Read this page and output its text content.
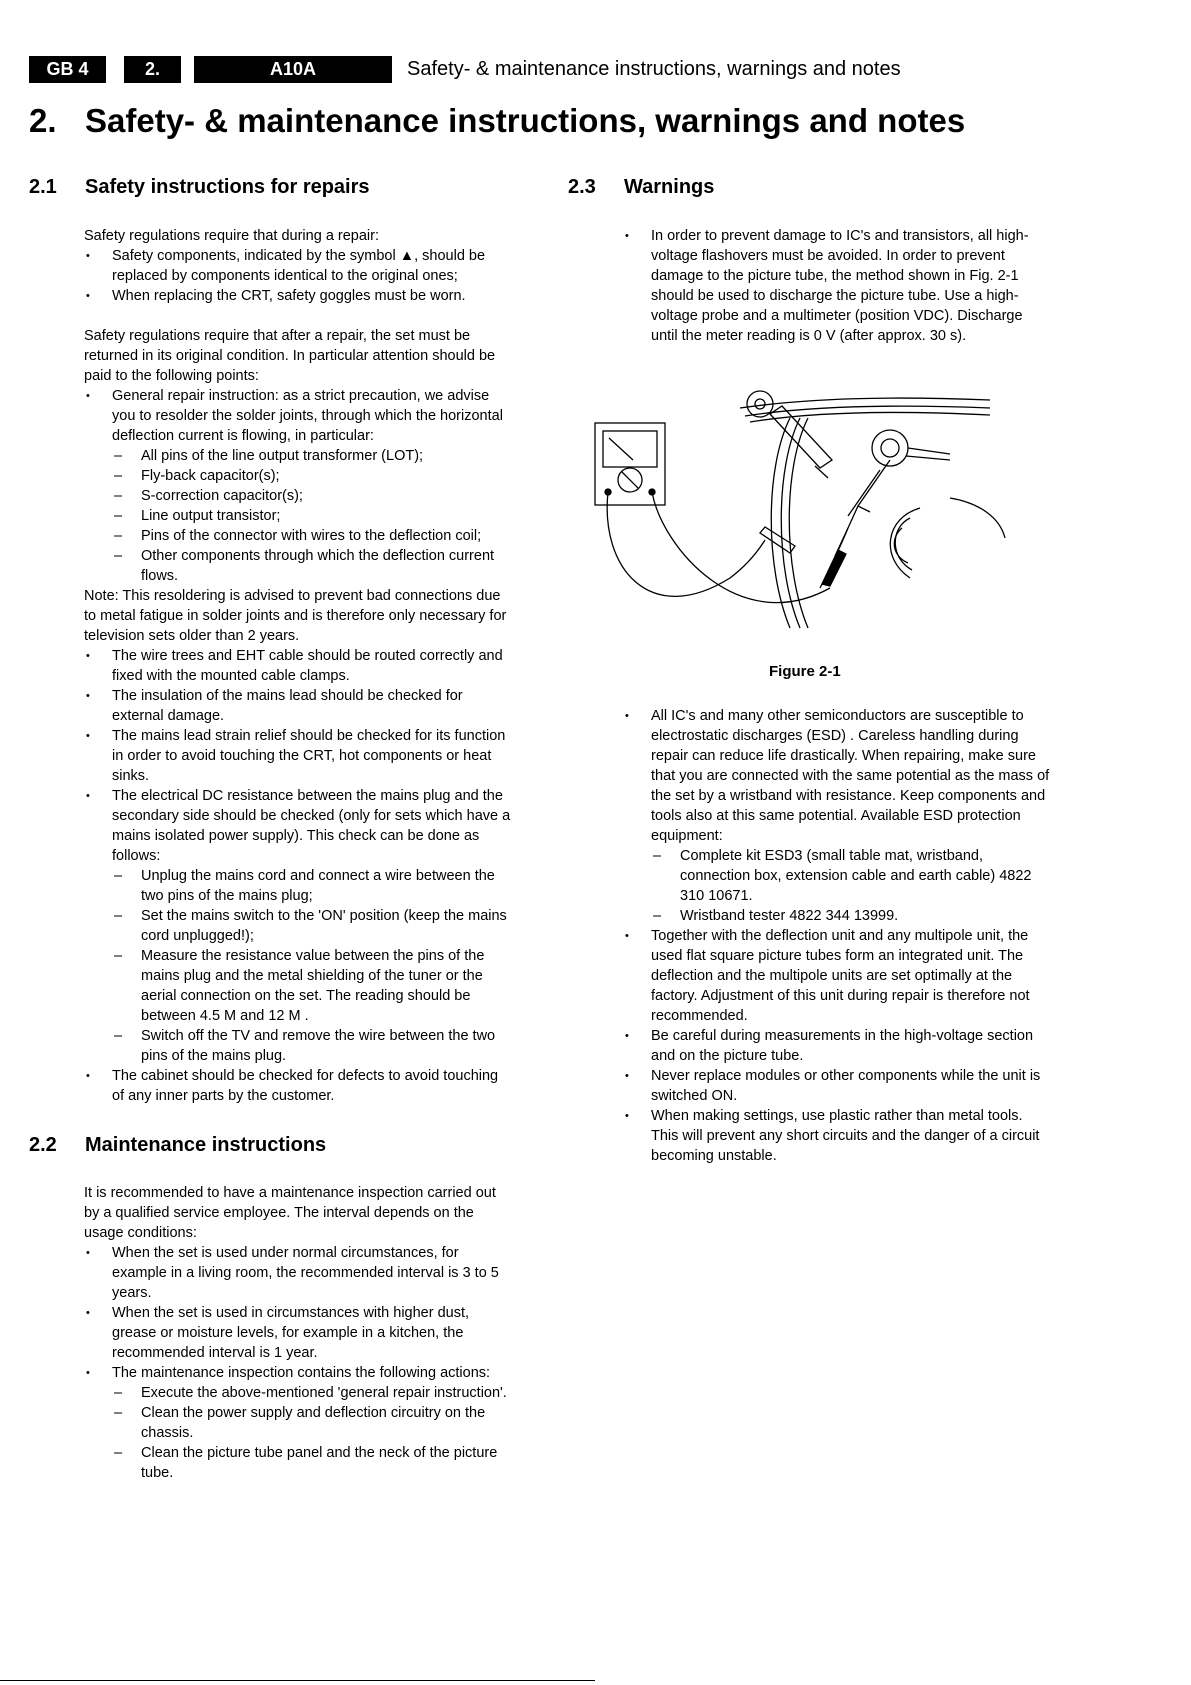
GB 4	2.	A10A	Safety- & maintenance instructions, warnings and notes
2. Safety- & maintenance instructions, warnings and notes
2.1 Safety instructions for repairs

Safety regulations require that during a repair:

• Safety components, indicated by the symbol ▲, should be replaced by components identical to the original ones;

• When replacing the CRT, safety goggles must be worn.

Safety regulations require that after a repair, the set must be returned in its original condition. In particular attention should be paid to the following points:

• General repair instruction: as a strict precaution, we advise you to resolder the solder joints, through which the horizontal deflection current is flowing, in particular:

– All pins of the line output transformer (LOT);

– Fly-back capacitor(s);

– S-correction capacitor(s);

– Line output transistor;

– Pins of the connector with wires to the deflection coil;

– Other components through which the deflection current flows.

Note: This resoldering is advised to prevent bad connections due to metal fatigue in solder joints and is therefore only necessary for television sets older than 2 years.

• The wire trees and EHT cable should be routed correctly and fixed with the mounted cable clamps.

• The insulation of the mains lead should be checked for external damage.

• The mains lead strain relief should be checked for its function in order to avoid touching the CRT, hot components or heat sinks.

• The electrical DC resistance between the mains plug and the secondary side should be checked (only for sets which have a mains isolated power supply). This check can be done as follows:

– Unplug the mains cord and connect a wire between the two pins of the mains plug;

– Set the mains switch to the 'ON' position (keep the mains cord unplugged!);

– Measure the resistance value between the pins of the mains plug and the metal shielding of the tuner or the aerial connection on the set. The reading should be between 4.5 M and 12 M .

– Switch off the TV and remove the wire between the two pins of the mains plug.

• The cabinet should be checked for defects to avoid touching of any inner parts by the customer.

2.2 Maintenance instructions

It is recommended to have a maintenance inspection carried out by a qualified service employee. The interval depends on the usage conditions:

• When the set is used under normal circumstances, for example in a living room, the recommended interval is 3 to 5 years.

• When the set is used in circumstances with higher dust, grease or moisture levels, for example in a kitchen, the recommended interval is 1 year.

• The maintenance inspection contains the following actions:

– Execute the above-mentioned 'general repair instruction'.

– Clean the power supply and deflection circuitry on the chassis.

– Clean the picture tube panel and the neck of the picture tube.

2.3 Warnings

• In order to prevent damage to IC's and transistors, all high-voltage flashovers must be avoided. In order to prevent damage to the picture tube, the method shown in Fig. 2-1 should be used to discharge the picture tube. Use a high-voltage probe and a multimeter (position VDC). Discharge until the meter reading is 0 V (after approx. 30 s).

Figure 2-1

• All IC's and many other semiconductors are susceptible to electrostatic discharges (ESD) . Careless handling during repair can reduce life drastically. When repairing, make sure that you are connected with the same potential as the mass of the set by a wristband with resistance. Keep components and tools also at this same potential. Available ESD protection equipment:

– Complete kit ESD3 (small table mat, wristband, connection box, extension cable and earth cable) 4822 310 10671.

– Wristband tester 4822 344 13999.

• Together with the deflection unit and any multipole unit, the used flat square picture tubes form an integrated unit. The deflection and the multipole units are set optimally at the factory. Adjustment of this unit during repair is therefore not recommended.

• Be careful during measurements in the high-voltage section and on the picture tube.

• Never replace modules or other components while the unit is switched ON.

• When making settings, use plastic rather than metal tools. This will prevent any short circuits and the danger of a circuit becoming unstable.
